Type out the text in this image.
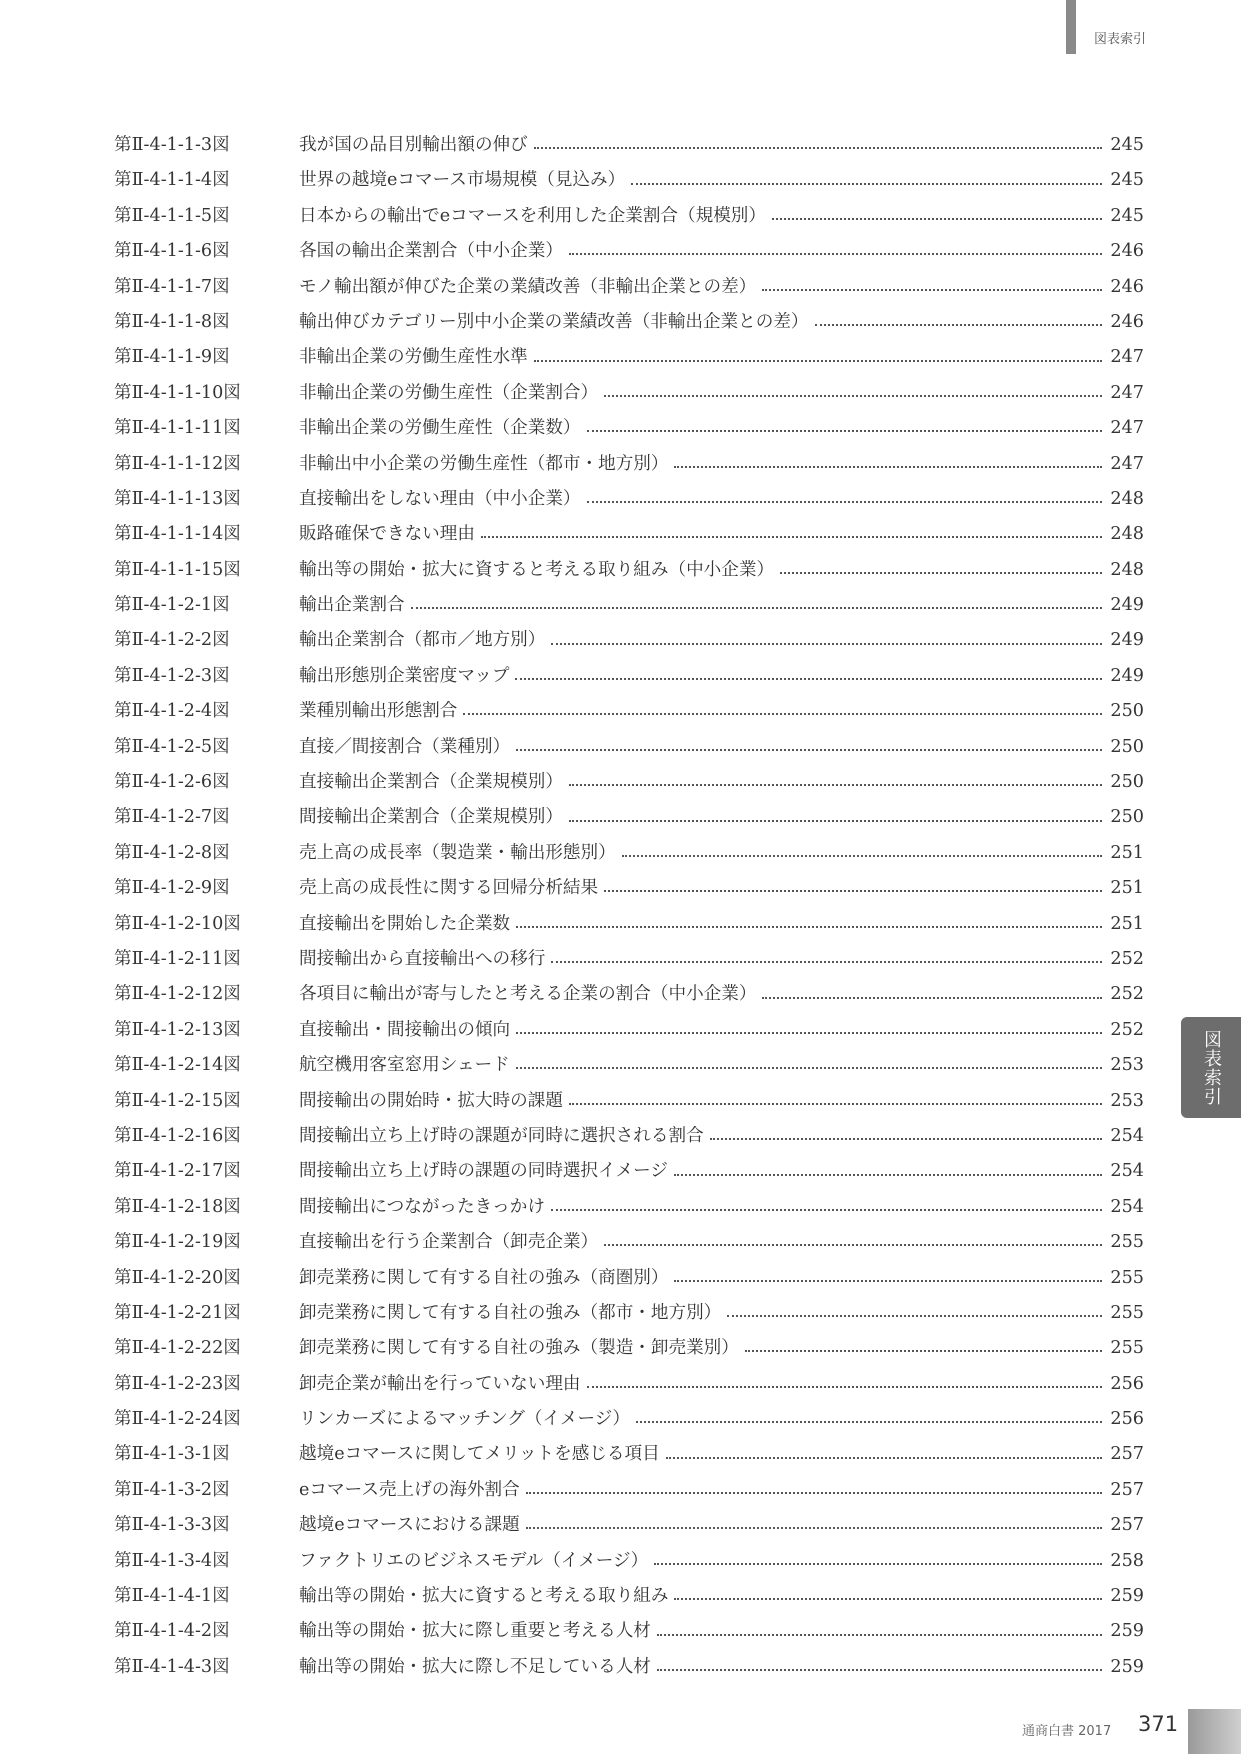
図表索引
第Ⅱ-4-1-1-3図	我が国の品目別輸出額の伸び	245
第Ⅱ-4-1-1-4図	世界の越境eコマース市場規模（見込み）	245
第Ⅱ-4-1-1-5図	日本からの輸出でeコマースを利用した企業割合（規模別）	245
第Ⅱ-4-1-1-6図	各国の輸出企業割合（中小企業）	246
第Ⅱ-4-1-1-7図	モノ輸出額が伸びた企業の業績改善（非輸出企業との差）	246
第Ⅱ-4-1-1-8図	輸出伸びカテゴリー別中小企業の業績改善（非輸出企業との差）	246
第Ⅱ-4-1-1-9図	非輸出企業の労働生産性水準	247
第Ⅱ-4-1-1-10図	非輸出企業の労働生産性（企業割合）	247
第Ⅱ-4-1-1-11図	非輸出企業の労働生産性（企業数）	247
第Ⅱ-4-1-1-12図	非輸出中小企業の労働生産性（都市・地方別）	247
第Ⅱ-4-1-1-13図	直接輸出をしない理由（中小企業）	248
第Ⅱ-4-1-1-14図	販路確保できない理由	248
第Ⅱ-4-1-1-15図	輸出等の開始・拡大に資すると考える取り組み（中小企業）	248
第Ⅱ-4-1-2-1図	輸出企業割合	249
第Ⅱ-4-1-2-2図	輸出企業割合（都市／地方別）	249
第Ⅱ-4-1-2-3図	輸出形態別企業密度マップ	249
第Ⅱ-4-1-2-4図	業種別輸出形態割合	250
第Ⅱ-4-1-2-5図	直接／間接割合（業種別）	250
第Ⅱ-4-1-2-6図	直接輸出企業割合（企業規模別）	250
第Ⅱ-4-1-2-7図	間接輸出企業割合（企業規模別）	250
第Ⅱ-4-1-2-8図	売上高の成長率（製造業・輸出形態別）	251
第Ⅱ-4-1-2-9図	売上高の成長性に関する回帰分析結果	251
第Ⅱ-4-1-2-10図	直接輸出を開始した企業数	251
第Ⅱ-4-1-2-11図	間接輸出から直接輸出への移行	252
第Ⅱ-4-1-2-12図	各項目に輸出が寄与したと考える企業の割合（中小企業）	252
第Ⅱ-4-1-2-13図	直接輸出・間接輸出の傾向	252
第Ⅱ-4-1-2-14図	航空機用客室窓用シェード	253
第Ⅱ-4-1-2-15図	間接輸出の開始時・拡大時の課題	253
第Ⅱ-4-1-2-16図	間接輸出立ち上げ時の課題が同時に選択される割合	254
第Ⅱ-4-1-2-17図	間接輸出立ち上げ時の課題の同時選択イメージ	254
第Ⅱ-4-1-2-18図	間接輸出につながったきっかけ	254
第Ⅱ-4-1-2-19図	直接輸出を行う企業割合（卸売企業）	255
第Ⅱ-4-1-2-20図	卸売業務に関して有する自社の強み（商圏別）	255
第Ⅱ-4-1-2-21図	卸売業務に関して有する自社の強み（都市・地方別）	255
第Ⅱ-4-1-2-22図	卸売業務に関して有する自社の強み（製造・卸売業別）	255
第Ⅱ-4-1-2-23図	卸売企業が輸出を行っていない理由	256
第Ⅱ-4-1-2-24図	リンカーズによるマッチング（イメージ）	256
第Ⅱ-4-1-3-1図	越境eコマースに関してメリットを感じる項目	257
第Ⅱ-4-1-3-2図	eコマース売上げの海外割合	257
第Ⅱ-4-1-3-3図	越境eコマースにおける課題	257
第Ⅱ-4-1-3-4図	ファクトリエのビジネスモデル（イメージ）	258
第Ⅱ-4-1-4-1図	輸出等の開始・拡大に資すると考える取り組み	259
第Ⅱ-4-1-4-2図	輸出等の開始・拡大に際し重要と考える人材	259
第Ⅱ-4-1-4-3図	輸出等の開始・拡大に際し不足している人材	259
図表索引
通商白書 2017 371
